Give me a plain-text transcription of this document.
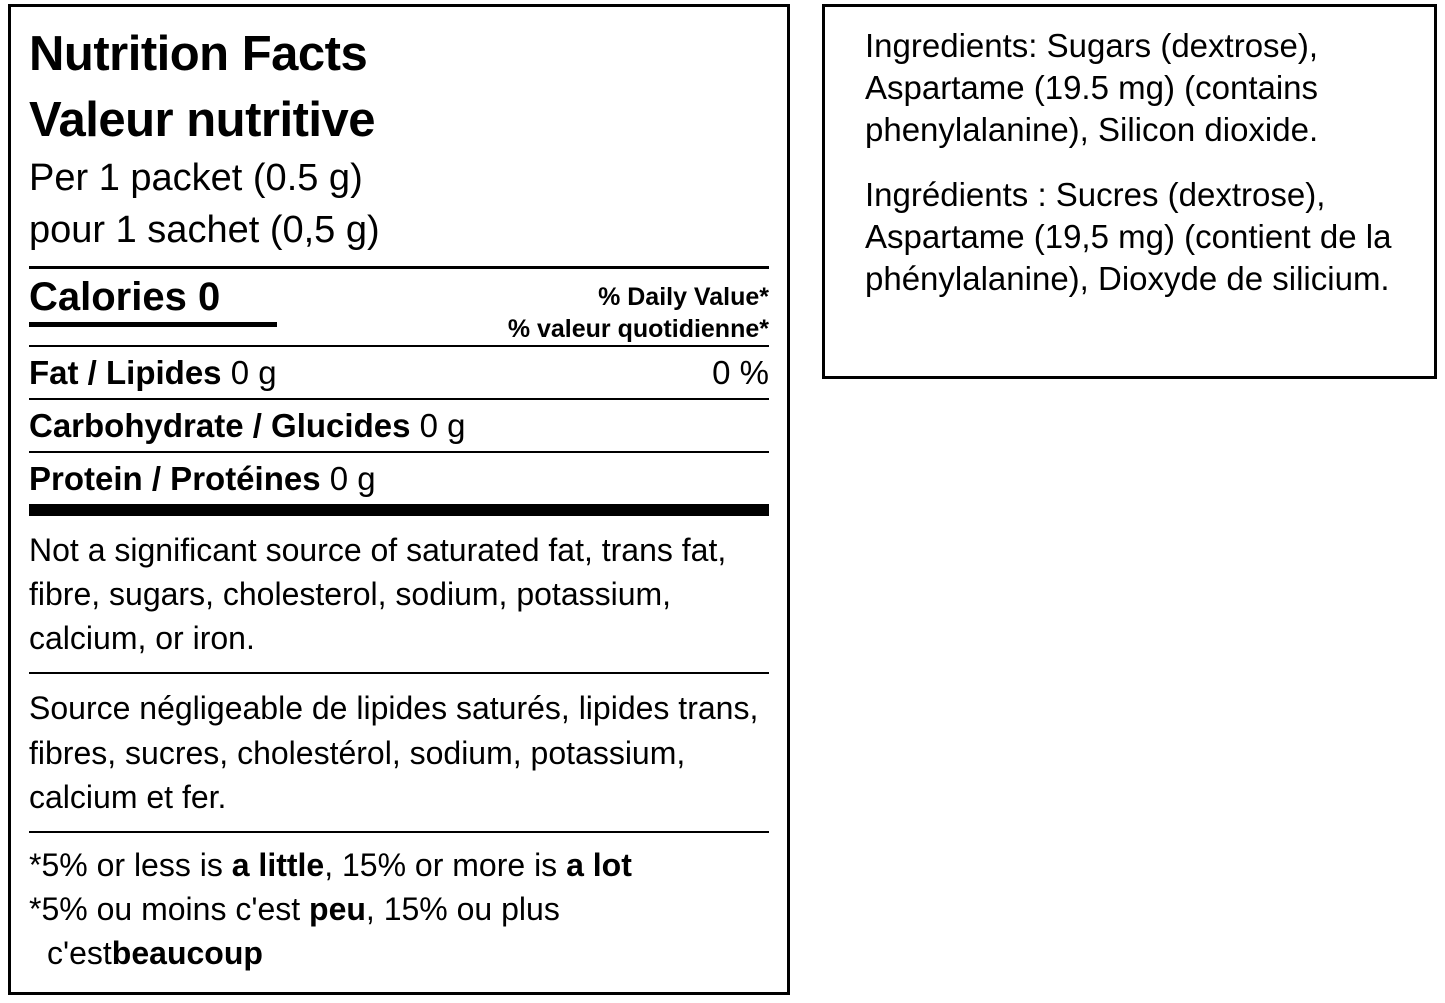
Nutrition Facts
Valeur nutritive
Per 1 packet (0.5 g)
pour 1 sachet (0,5 g)
Calories 0	% Daily Value*
% valeur quotidienne*
Fat / Lipides 0 g	0 %
Carbohydrate / Glucides 0 g
Protein / Protéines 0 g
Not a significant source of saturated fat, trans fat, fibre, sugars, cholesterol, sodium, potassium, calcium, or iron.
Source négligeable de lipides saturés, lipides trans, fibres, sucres, cholestérol, sodium, potassium, calcium et fer.
*5% or less is a little, 15% or more is a lot
*5% ou moins c'est peu, 15% ou plus
c'estbeaucoup

Ingredients: Sugars (dextrose), Aspartame (19.5 mg) (contains phenylalanine), Silicon dioxide.

Ingrédients : Sucres (dextrose), Aspartame (19,5 mg) (contient de la phénylalanine), Dioxyde de silicium.
